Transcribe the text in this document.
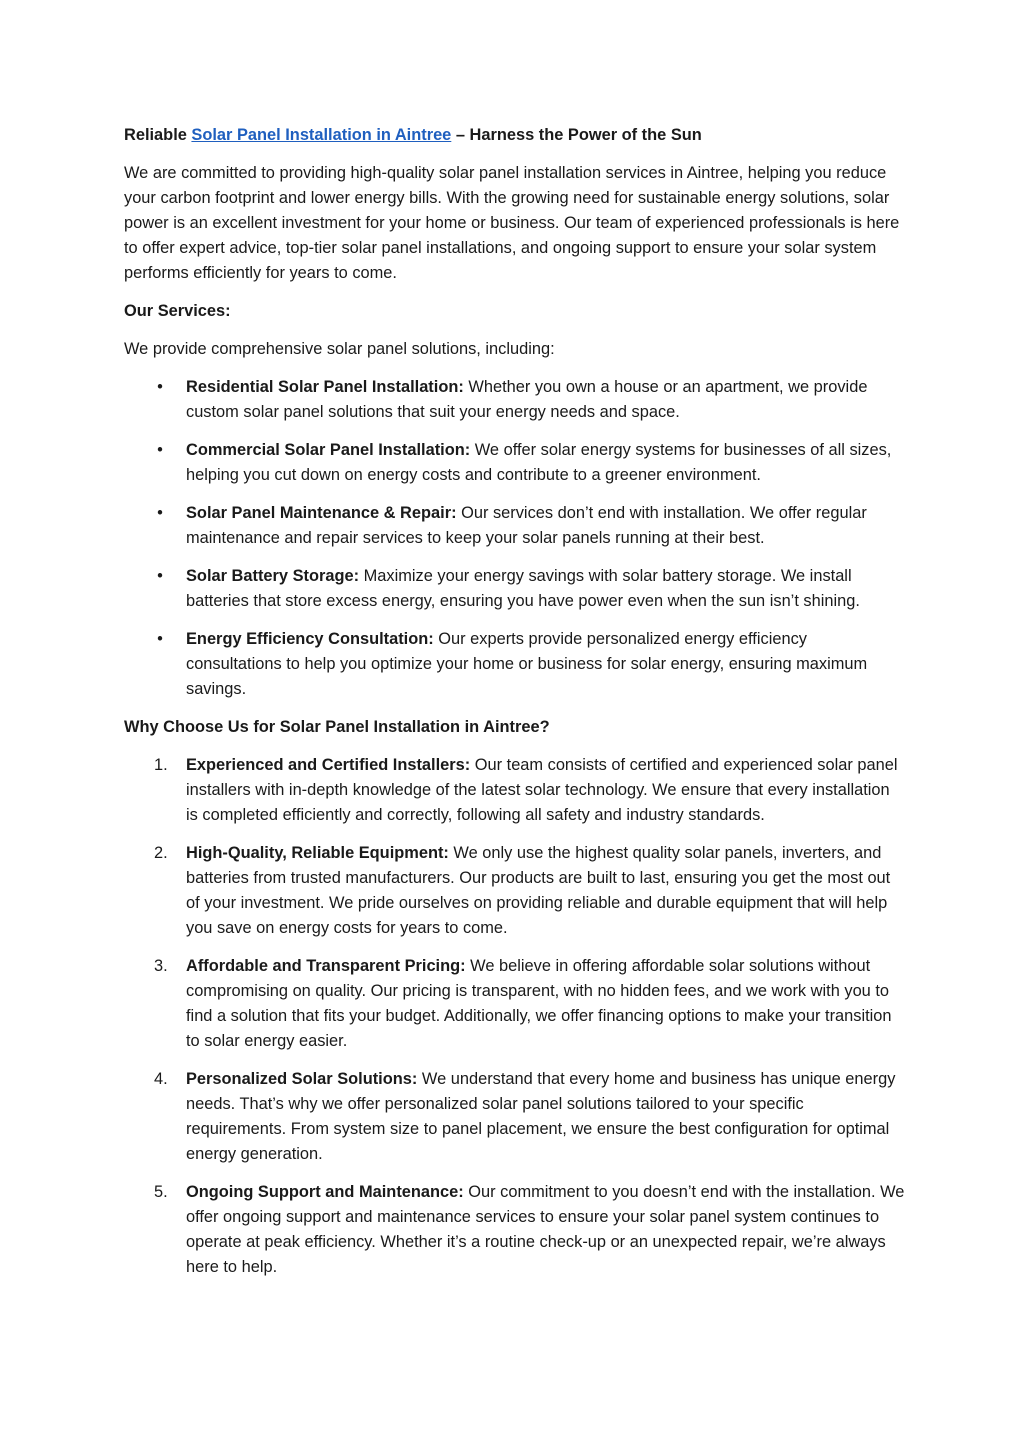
Reliable Solar Panel Installation in Aintree – Harness the Power of the Sun

We are committed to providing high-quality solar panel installation services in Aintree, helping you reduce your carbon footprint and lower energy bills. With the growing need for sustainable energy solutions, solar power is an excellent investment for your home or business. Our team of experienced professionals is here to offer expert advice, top-tier solar panel installations, and ongoing support to ensure your solar system performs efficiently for years to come.

Our Services:

We provide comprehensive solar panel solutions, including:

• Residential Solar Panel Installation: Whether you own a house or an apartment, we provide custom solar panel solutions that suit your energy needs and space.
• Commercial Solar Panel Installation: We offer solar energy systems for businesses of all sizes, helping you cut down on energy costs and contribute to a greener environment.
• Solar Panel Maintenance & Repair: Our services don’t end with installation. We offer regular maintenance and repair services to keep your solar panels running at their best.
• Solar Battery Storage: Maximize your energy savings with solar battery storage. We install batteries that store excess energy, ensuring you have power even when the sun isn’t shining.
• Energy Efficiency Consultation: Our experts provide personalized energy efficiency consultations to help you optimize your home or business for solar energy, ensuring maximum savings.

Why Choose Us for Solar Panel Installation in Aintree?

1.	Experienced and Certified Installers: Our team consists of certified and experienced solar panel installers with in-depth knowledge of the latest solar technology. We ensure that every installation is completed efficiently and correctly, following all safety and industry standards.
2.	High-Quality, Reliable Equipment: We only use the highest quality solar panels, inverters, and batteries from trusted manufacturers. Our products are built to last, ensuring you get the most out of your investment. We pride ourselves on providing reliable and durable equipment that will help you save on energy costs for years to come.
3.	Affordable and Transparent Pricing: We believe in offering affordable solar solutions without compromising on quality. Our pricing is transparent, with no hidden fees, and we work with you to find a solution that fits your budget. Additionally, we offer financing options to make your transition to solar energy easier.
4.	Personalized Solar Solutions: We understand that every home and business has unique energy needs. That’s why we offer personalized solar panel solutions tailored to your specific requirements. From system size to panel placement, we ensure the best configuration for optimal energy generation.
5.	Ongoing Support and Maintenance: Our commitment to you doesn’t end with the installation. We offer ongoing support and maintenance services to ensure your solar panel system continues to operate at peak efficiency. Whether it’s a routine check-up or an unexpected repair, we’re always here to help.
